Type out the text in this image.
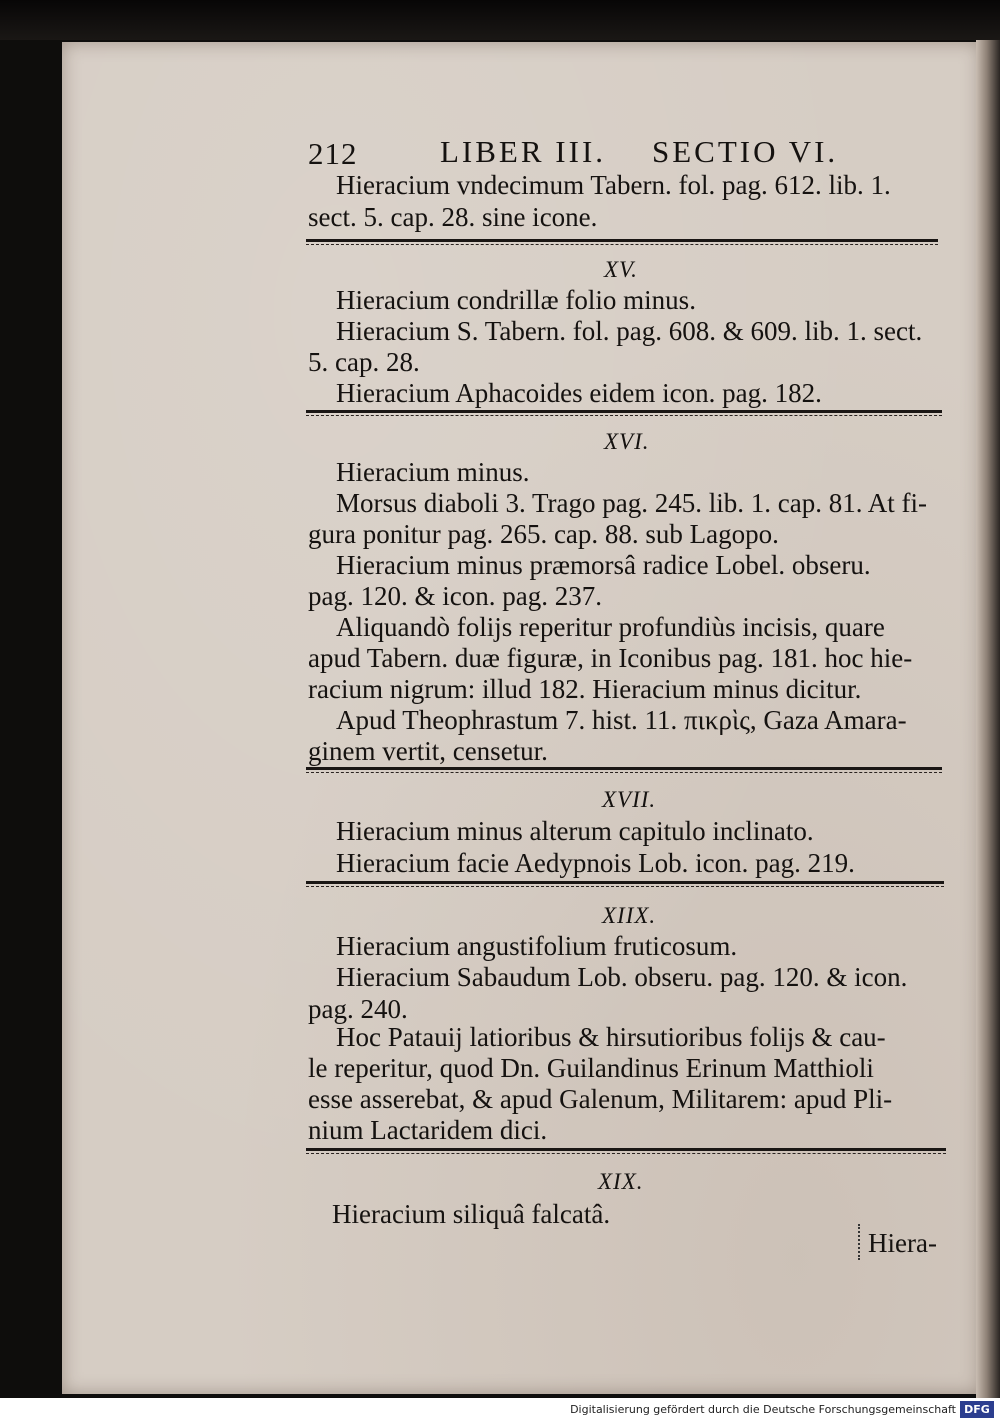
212	LIBER III. SECTIO VI.
Hieracium vndecimum Tabern. fol. pag. 612. lib. 1.
sect. 5. cap. 28. sine icone.
XV.
Hieracium condrillæ folio minus.
Hieracium S. Tabern. fol. pag. 608. & 609. lib. 1. sect.
5. cap. 28.
Hieracium Aphacoides eidem icon. pag. 182.
XVI.
Hieracium minus.
Morsus diaboli 3. Trago pag. 245. lib. 1. cap. 81. At fi-
gura ponitur pag. 265. cap. 88. sub Lagopo.
Hieracium minus præmorsâ radice Lobel. obseru.
pag. 120. & icon. pag. 237.
Aliquandò folijs reperitur profundiùs incisis, quare
apud Tabern. duæ figuræ, in Iconibus pag. 181. hoc hie-
racium nigrum: illud 182. Hieracium minus dicitur.
Apud Theophrastum 7. hist. 11. πικρὶς, Gaza Amara-
ginem vertit, censetur.
XVII.
Hieracium minus alterum capitulo inclinato.
Hieracium facie Aedypnois Lob. icon. pag. 219.
XIIX.
Hieracium angustifolium fruticosum.
Hieracium Sabaudum Lob. obseru. pag. 120. & icon.
pag. 240.
Hoc Patauij latioribus & hirsutioribus folijs & cau-
le reperitur, quod Dn. Guilandinus Erinum Matthioli
esse asserebat, & apud Galenum, Militarem: apud Pli-
nium Lactaridem dici.
XIX.
Hieracium siliquâ falcatâ.
Hiera-
Digitalisierung gefördert durch die Deutsche Forschungsgemeinschaft DFG
